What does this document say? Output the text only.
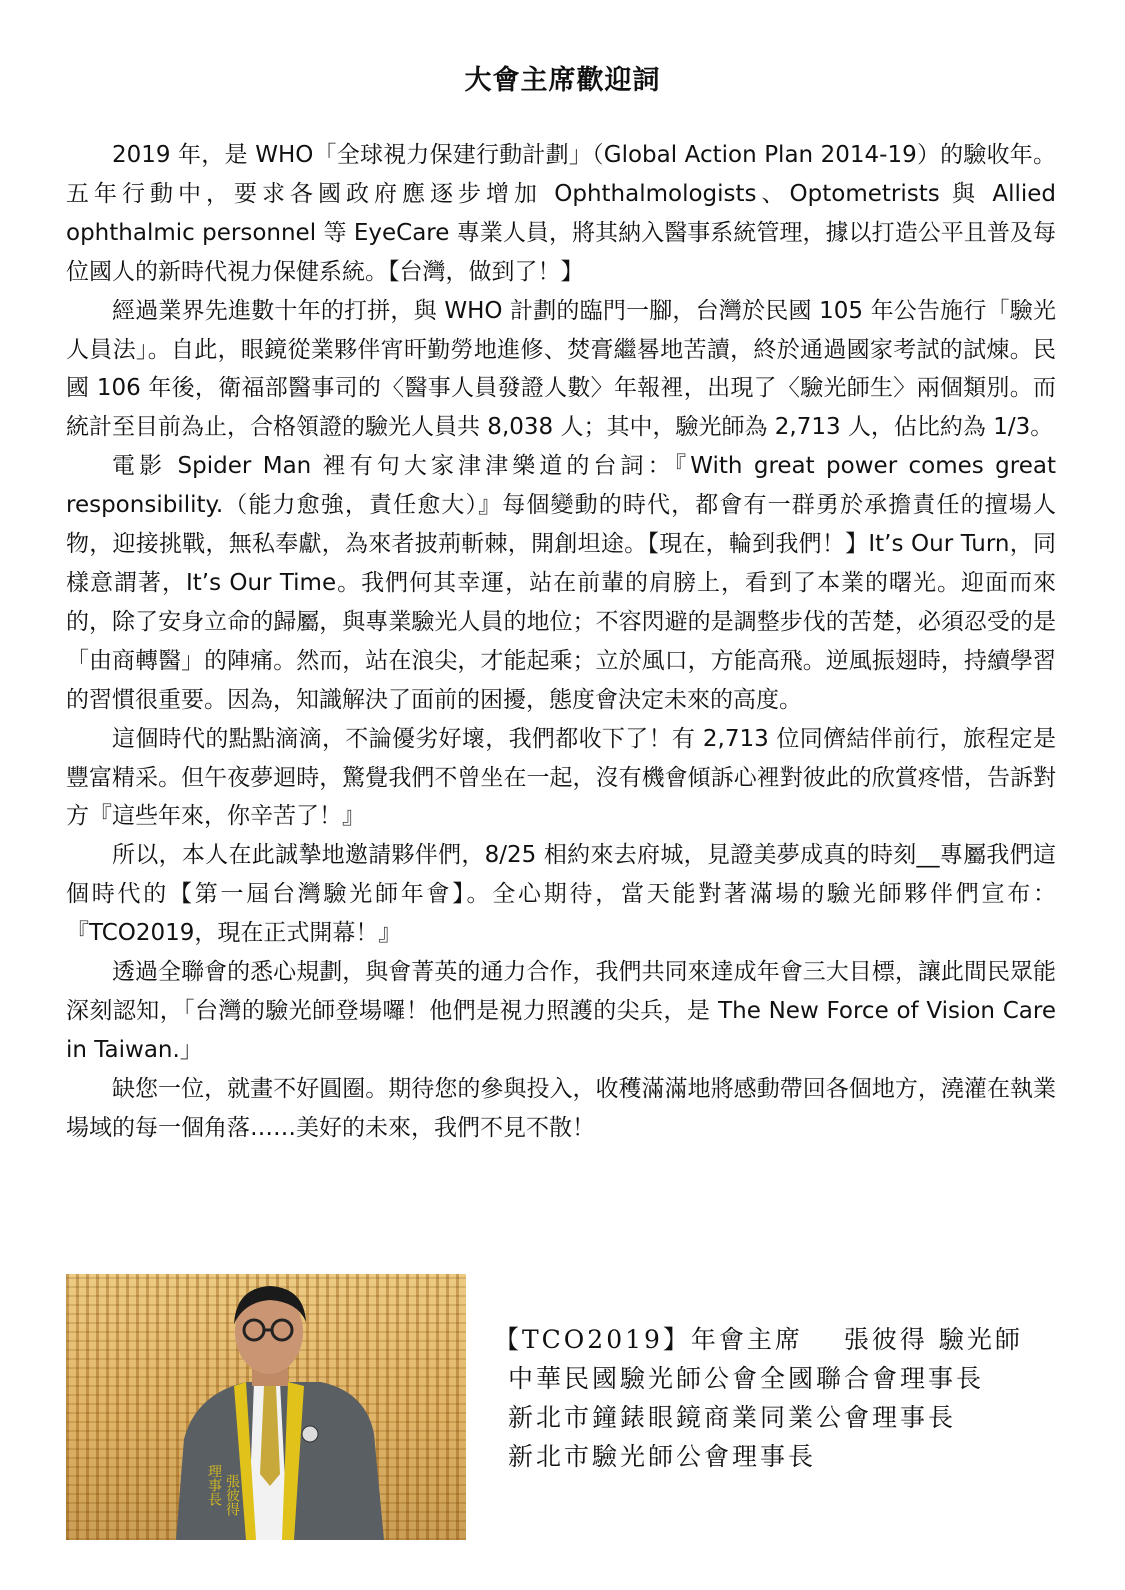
大會主席歡迎詞

2019 年，是 WHO「全球視力保建行動計劃」（Global Action Plan 2014-19）的驗收年。五年行動中，要求各國政府應逐步增加 Ophthalmologists、Optometrists 與 Allied ophthalmic personnel 等 EyeCare 專業人員，將其納入醫事系統管理，據以打造公平且普及每位國人的新時代視力保健系統。【台灣，做到了！】

經過業界先進數十年的打拼，與 WHO 計劃的臨門一腳，台灣於民國 105 年公告施行「驗光人員法」。自此，眼鏡從業夥伴宵旰勤勞地進修、焚膏繼晷地苦讀，終於通過國家考試的試煉。民國 106 年後，衛福部醫事司的〈醫事人員發證人數〉年報裡，出現了〈驗光師生〉兩個類別。而統計至目前為止，合格領證的驗光人員共 8,038 人；其中，驗光師為 2,713 人，佔比約為 1/3。

電影 Spider Man 裡有句大家津津樂道的台詞：『With great power comes great responsibility.（能力愈強，責任愈大）』每個變動的時代，都會有一群勇於承擔責任的擅場人物，迎接挑戰，無私奉獻，為來者披荊斬棘，開創坦途。【現在，輪到我們！】It’s Our Turn，同樣意謂著，It’s Our Time。我們何其幸運，站在前輩的肩膀上，看到了本業的曙光。迎面而來的，除了安身立命的歸屬，與專業驗光人員的地位；不容閃避的是調整步伐的苦楚，必須忍受的是「由商轉醫」的陣痛。然而，站在浪尖，才能起乘；立於風口，方能高飛。逆風振翅時，持續學習的習慣很重要。因為，知識解決了面前的困擾，態度會決定未來的高度。

這個時代的點點滴滴，不論優劣好壞，我們都收下了！有 2,713 位同儕結伴前行，旅程定是豐富精采。但午夜夢迴時，驚覺我們不曾坐在一起，沒有機會傾訴心裡對彼此的欣賞疼惜，告訴對方『這些年來，你辛苦了！』

所以，本人在此誠摯地邀請夥伴們，8/25 相約來去府城，見證美夢成真的時刻__專屬我們這個時代的【第一屆台灣驗光師年會】。全心期待，當天能對著滿場的驗光師夥伴們宣布：『TCO2019，現在正式開幕！』

透過全聯會的悉心規劃，與會菁英的通力合作，我們共同來達成年會三大目標，讓此間民眾能深刻認知，「台灣的驗光師登場囉！他們是視力照護的尖兵，是 The New Force of Vision Care in Taiwan.」

缺您一位，就畫不好圓圈。期待您的參與投入，收穫滿滿地將感動帶回各個地方，澆灌在執業場域的每一個角落……美好的未來，我們不見不散！

理事長 張彼得
【TCO2019】年會主席 張彼得 驗光師
中華民國驗光師公會全國聯合會理事長
新北市鐘錶眼鏡商業同業公會理事長
新北市驗光師公會理事長
